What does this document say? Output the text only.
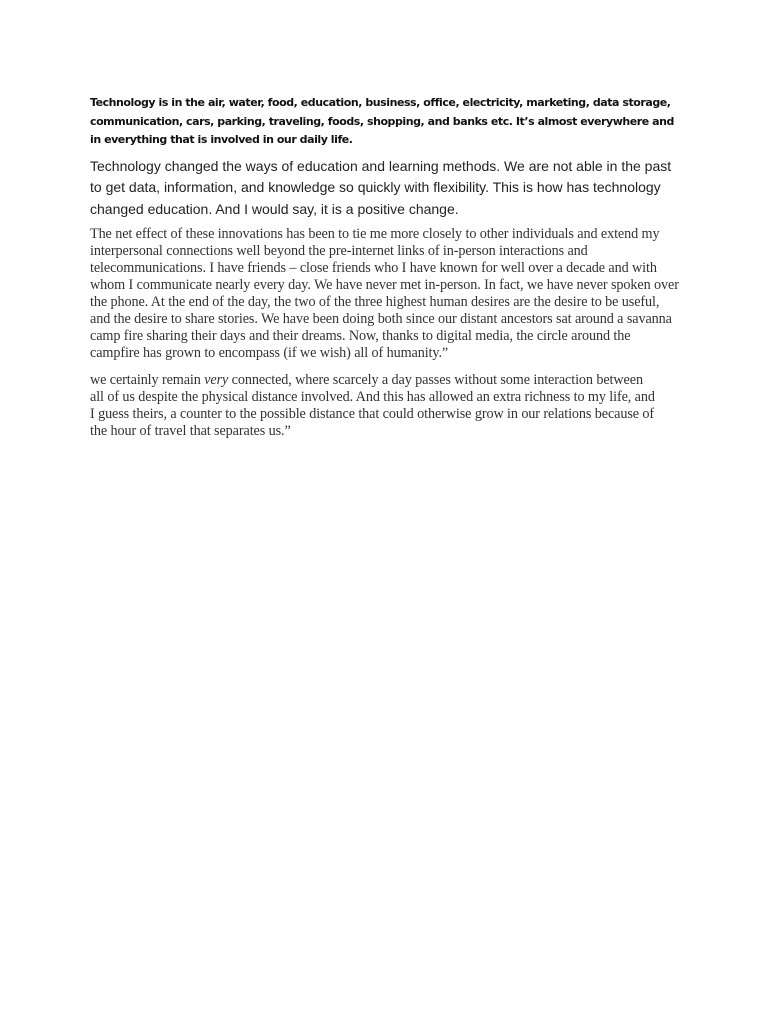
Technology is in the air, water, food, education, business, office, electricity, marketing, data storage, communication, cars, parking, traveling, foods, shopping, and banks etc. It’s almost everywhere and in everything that is involved in our daily life.

Technology changed the ways of education and learning methods. We are not able in the past to get data, information, and knowledge so quickly with flexibility. This is how has technology changed education. And I would say, it is a positive change.

The net effect of these innovations has been to tie me more closely to other individuals and extend my interpersonal connections well beyond the pre-internet links of in-person interactions and telecommunications. I have friends – close friends who I have known for well over a decade and with whom I communicate nearly every day. We have never met in-person. In fact, we have never spoken over the phone. At the end of the day, the two of the three highest human desires are the desire to be useful, and the desire to share stories. We have been doing both since our distant ancestors sat around a savanna camp fire sharing their days and their dreams. Now, thanks to digital media, the circle around the campfire has grown to encompass (if we wish) all of humanity.”

we certainly remain very connected, where scarcely a day passes without some interaction between all of us despite the physical distance involved. And this has allowed an extra richness to my life, and I guess theirs, a counter to the possible distance that could otherwise grow in our relations because of the hour of travel that separates us.”
